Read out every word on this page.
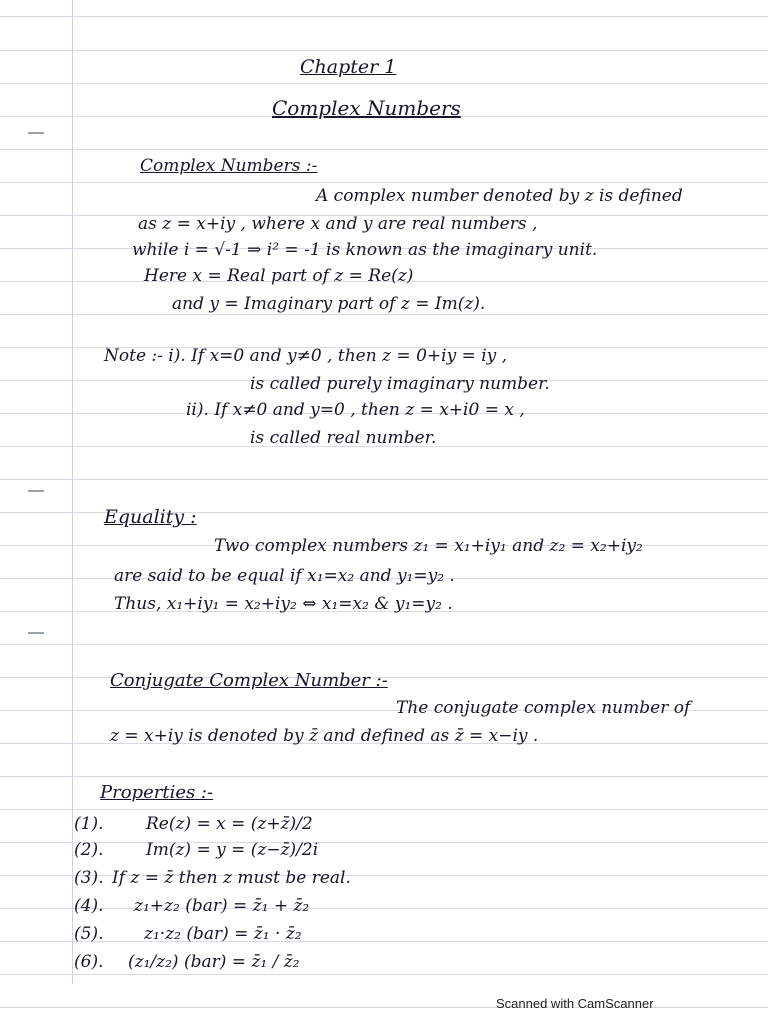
Chapter 1
Complex Numbers
Complex Numbers :-
A complex number denoted by z is defined
as z = x+iy , where x and y are real numbers ,
while i = √-1 ⇒ i² = -1 is known as the imaginary unit.
Here x = Real part of z = Re(z)
and y = Imaginary part of z = Im(z).
Note :- i). If x=0 and y≠0 , then z = 0+iy = iy ,
is called purely imaginary number.
ii). If x≠0 and y=0 , then z = x+i0 = x ,
is called real number.
Equality :
Two complex numbers z₁ = x₁+iy₁ and z₂ = x₂+iy₂
are said to be equal if x₁=x₂ and y₁=y₂ .
Thus, x₁+iy₁ = x₂+iy₂ ⇔ x₁=x₂ & y₁=y₂ .
Conjugate Complex Number :-
The conjugate complex number of
z = x+iy is denoted by z̄ and defined as z̄ = x−iy .
Properties :-
(1).	Re(z) = x = (z+z̄)/2
(2).	Im(z) = y = (z−z̄)/2i
(3). If z = z̄ then z must be real.
(4). z₁+z₂ (bar) = z̄₁ + z̄₂
(5). z₁·z₂ (bar) = z̄₁ · z̄₂
(6). (z₁/z₂) (bar) = z̄₁ / z̄₂
Scanned with CamScanner
